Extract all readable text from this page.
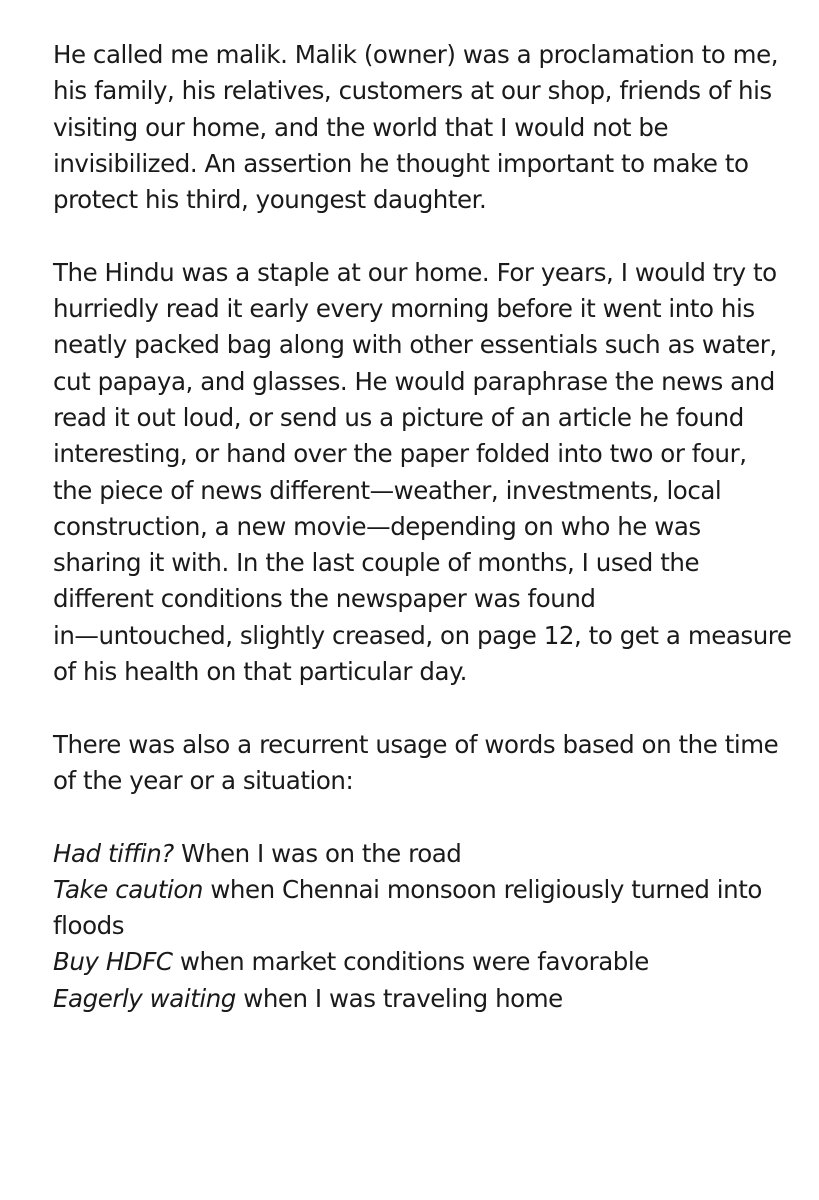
He called me malik. Malik (owner) was a proclamation to me,
his family, his relatives, customers at our shop, friends of his
visiting our home, and the world that I would not be
invisibilized. An assertion he thought important to make to
protect his third, youngest daughter.

The Hindu was a staple at our home. For years, I would try to
hurriedly read it early every morning before it went into his
neatly packed bag along with other essentials such as water,
cut papaya, and glasses. He would paraphrase the news and
read it out loud, or send us a picture of an article he found
interesting, or hand over the paper folded into two or four,
the piece of news different—weather, investments, local
construction, a new movie—depending on who he was
sharing it with. In the last couple of months, I used the
different conditions the newspaper was found
in—untouched, slightly creased, on page 12, to get a measure
of his health on that particular day.

There was also a recurrent usage of words based on the time
of the year or a situation:

Had tiffin? When I was on the road
Take caution when Chennai monsoon religiously turned into
floods
Buy HDFC when market conditions were favorable
Eagerly waiting when I was traveling home
